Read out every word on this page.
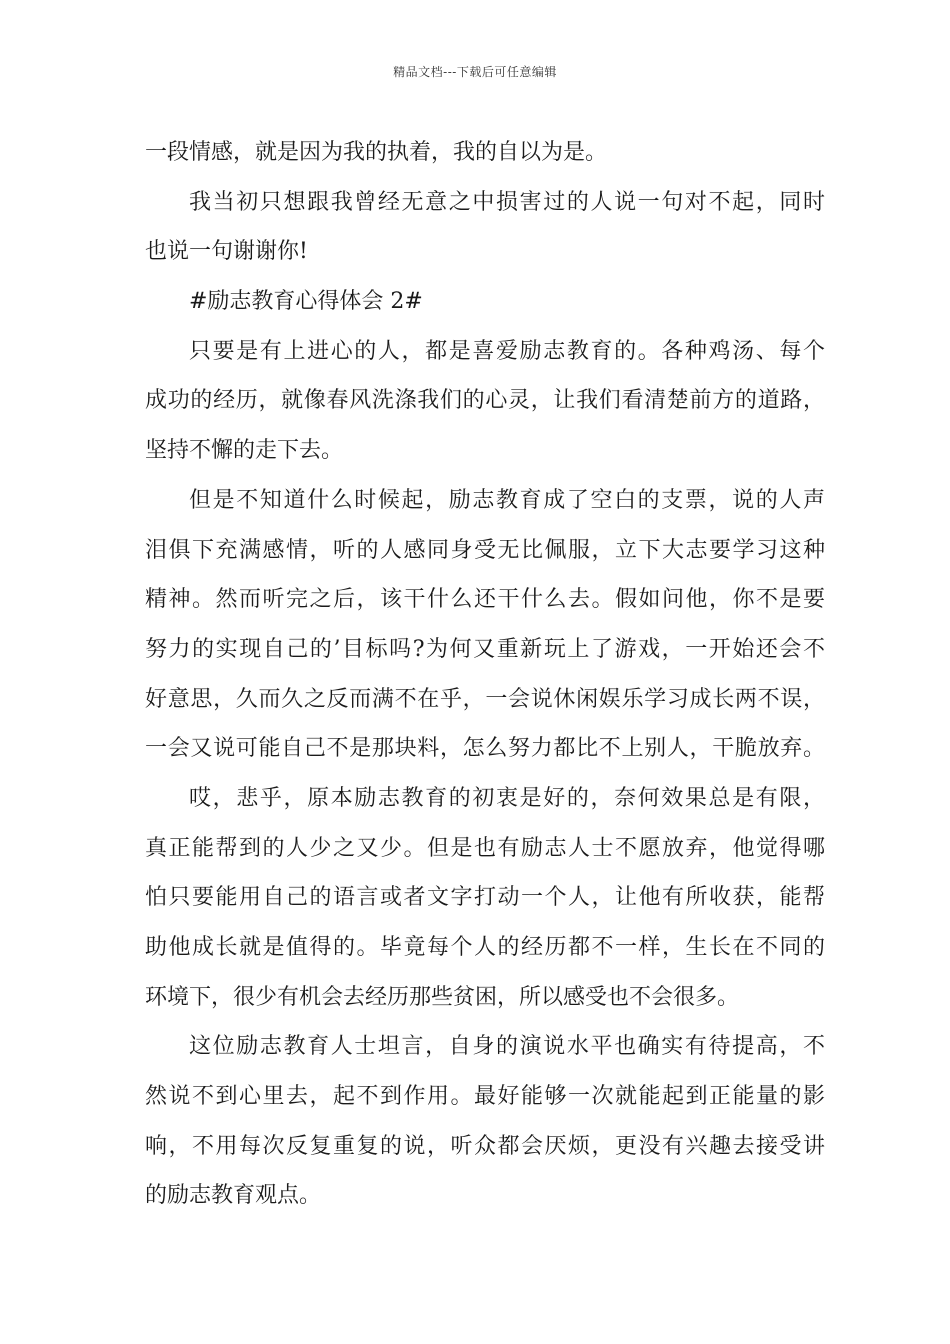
精品文档---下载后可任意编辑
一段情感，就是因为我的执着，我的自以为是。
我当初只想跟我曾经无意之中损害过的人说一句对不起，同时
也说一句谢谢你!
#励志教育心得体会 2#
只要是有上进心的人，都是喜爱励志教育的。各种鸡汤、每个
成功的经历，就像春风洗涤我们的心灵，让我们看清楚前方的道路，
坚持不懈的走下去。
但是不知道什么时候起，励志教育成了空白的支票，说的人声
泪俱下充满感情，听的人感同身受无比佩服，立下大志要学习这种
精神。然而听完之后，该干什么还干什么去。假如问他，你不是要
努力的实现自己的’目标吗?为何又重新玩上了游戏，一开始还会不
好意思，久而久之反而满不在乎，一会说休闲娱乐学习成长两不误，
一会又说可能自己不是那块料，怎么努力都比不上别人，干脆放弃。
哎，悲乎，原本励志教育的初衷是好的，奈何效果总是有限，
真正能帮到的人少之又少。但是也有励志人士不愿放弃，他觉得哪
怕只要能用自己的语言或者文字打动一个人，让他有所收获，能帮
助他成长就是值得的。毕竟每个人的经历都不一样，生长在不同的
环境下，很少有机会去经历那些贫困，所以感受也不会很多。
这位励志教育人士坦言，自身的演说水平也确实有待提高，不
然说不到心里去，起不到作用。最好能够一次就能起到正能量的影
响，不用每次反复重复的说，听众都会厌烦，更没有兴趣去接受讲
的励志教育观点。
